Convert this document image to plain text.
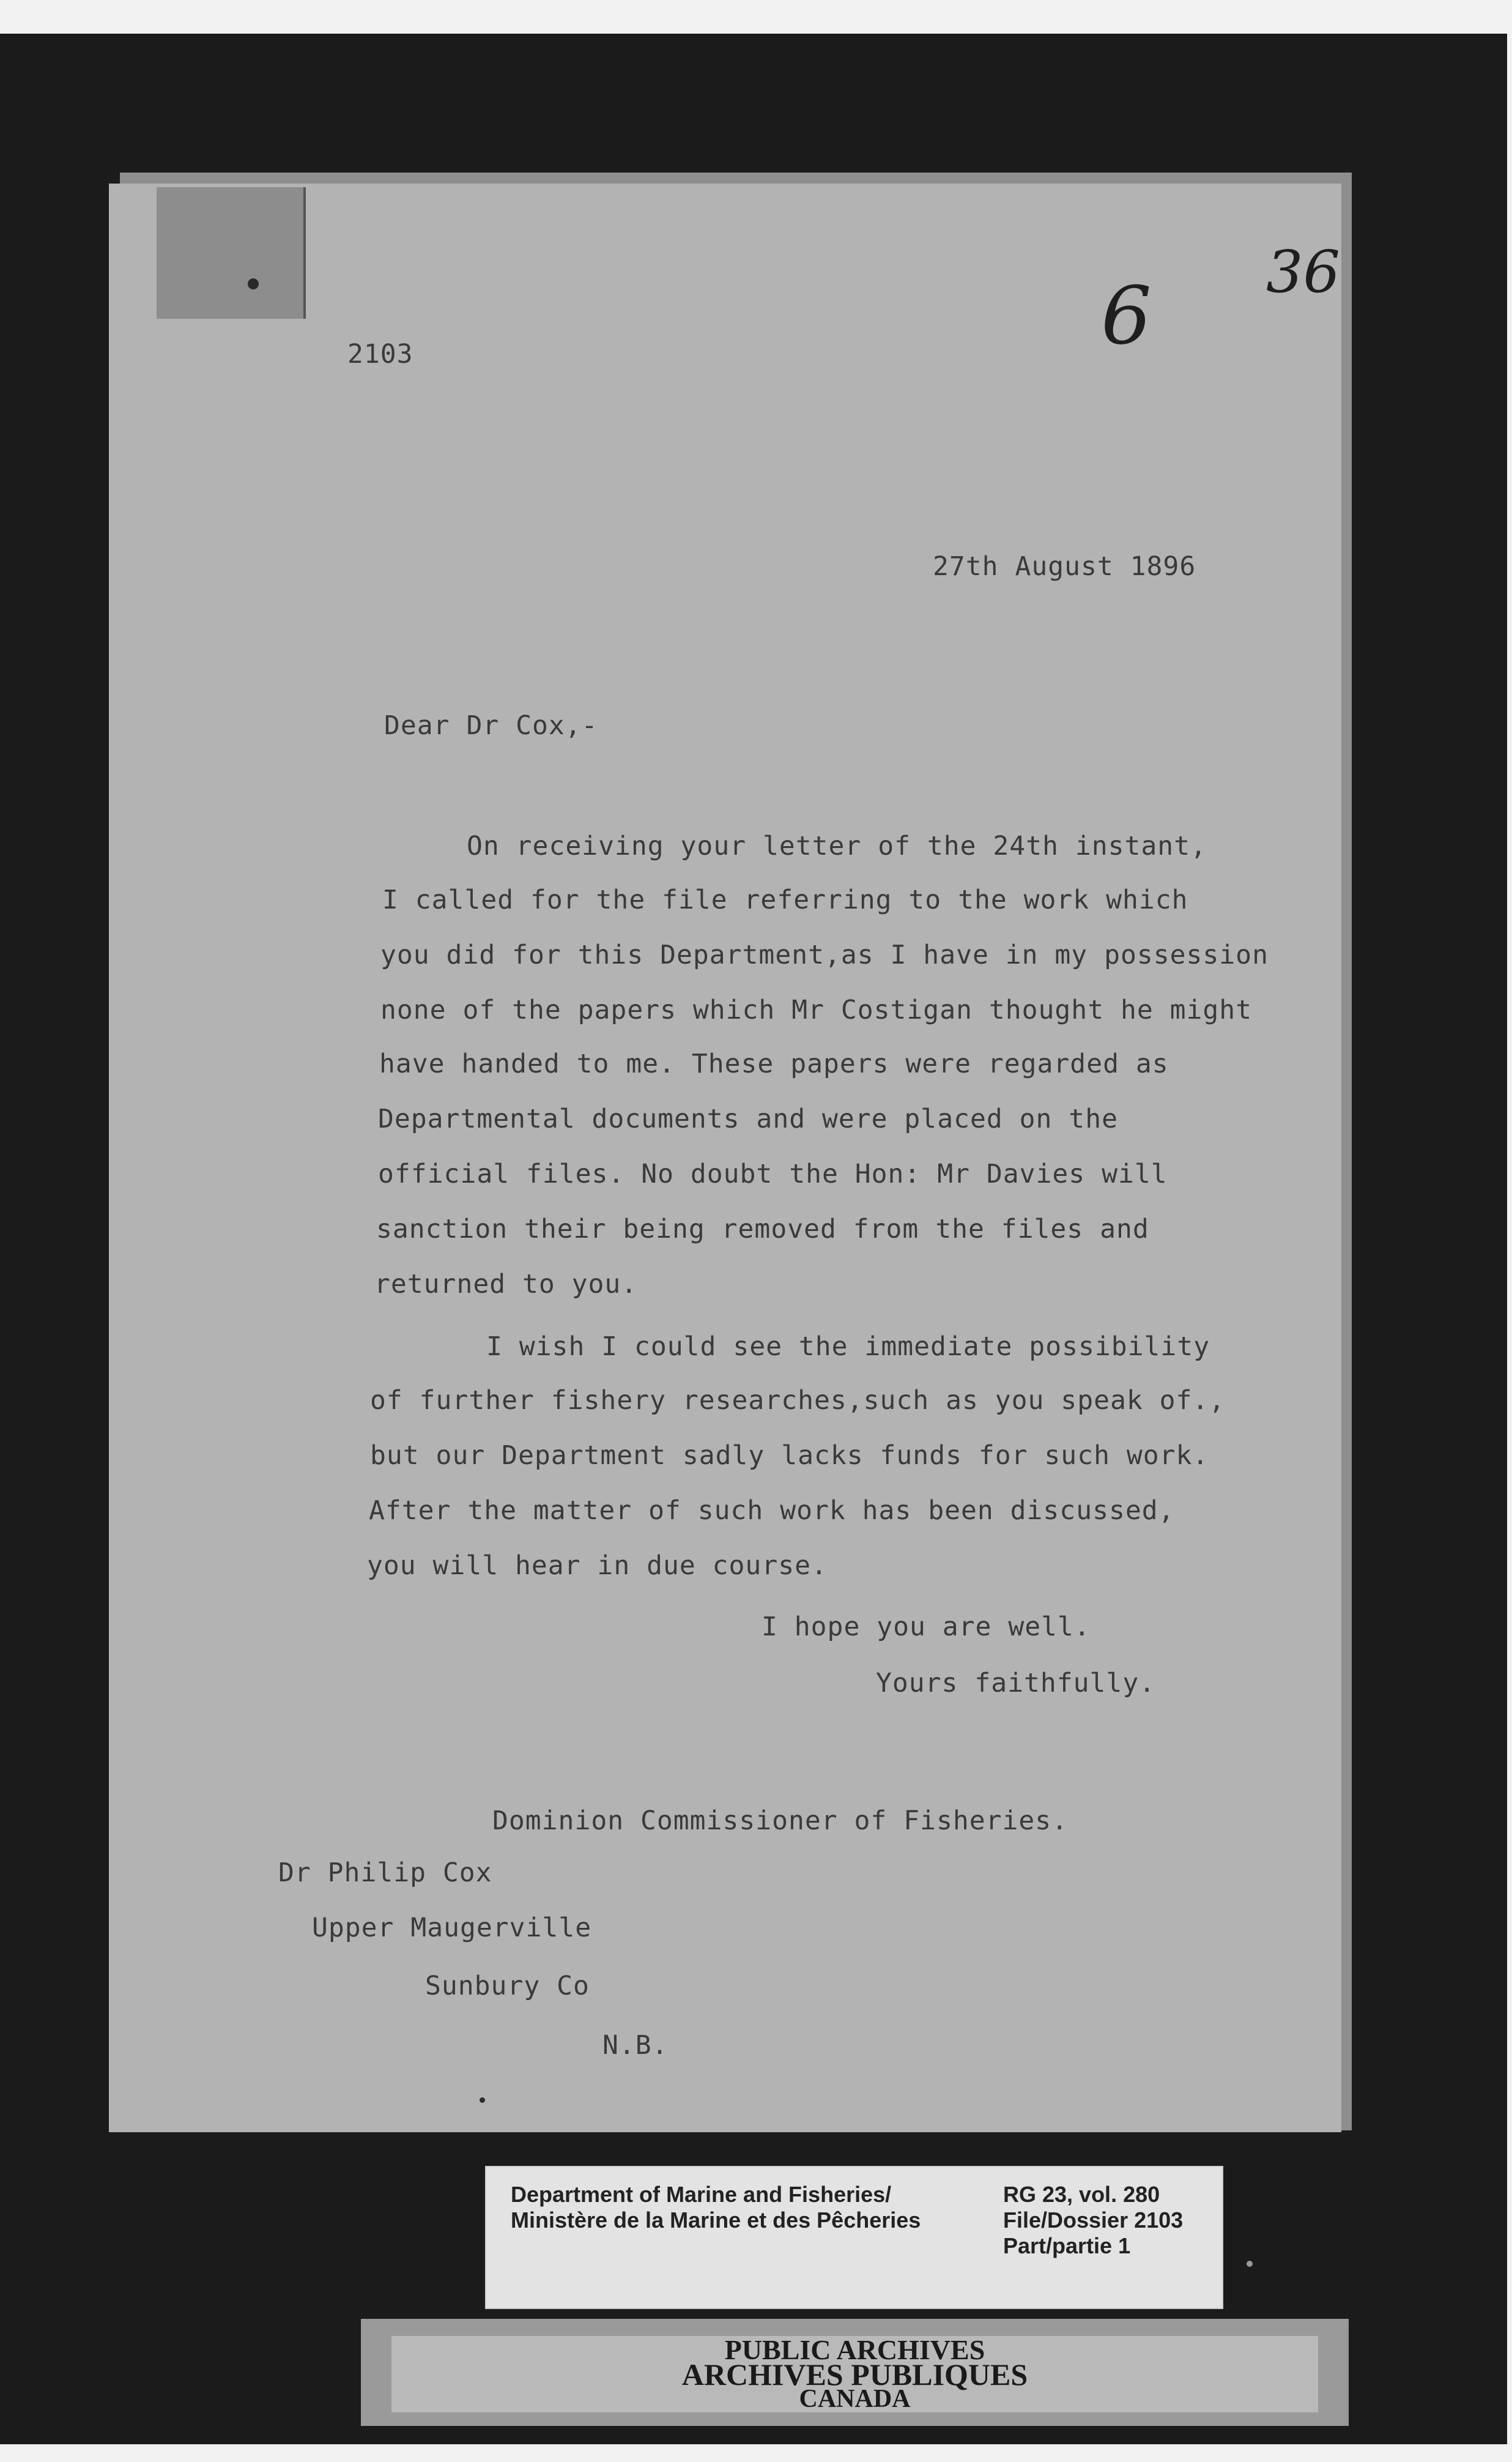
2103	6 36
27th August 1896
Dear Dr Cox,-
On receiving your letter of the 24th instant,
I called for the file referring to the work which
you did for this Department,as I have in my possession
none of the papers which Mr Costigan thought he might
have handed to me. These papers were regarded as
Departmental documents and were placed on the
official files. No doubt the Hon: Mr Davies will
sanction their being removed from the files and
returned to you.
I wish I could see the immediate possibility
of further fishery researches,such as you speak of.,
but our Department sadly lacks funds for such work.
After the matter of such work has been discussed,
you will hear in due course.
I hope you are well.
Yours faithfully.
Dominion Commissioner of Fisheries.
Dr Philip Cox
Upper Maugerville
Sunbury Co
N.B.
Department of Marine and Fisheries/
Ministère de la Marine et des Pêcheries
RG 23, vol. 280
File/Dossier 2103
Part/partie 1
PUBLIC ARCHIVES
ARCHIVES PUBLIQUES
CANADA
